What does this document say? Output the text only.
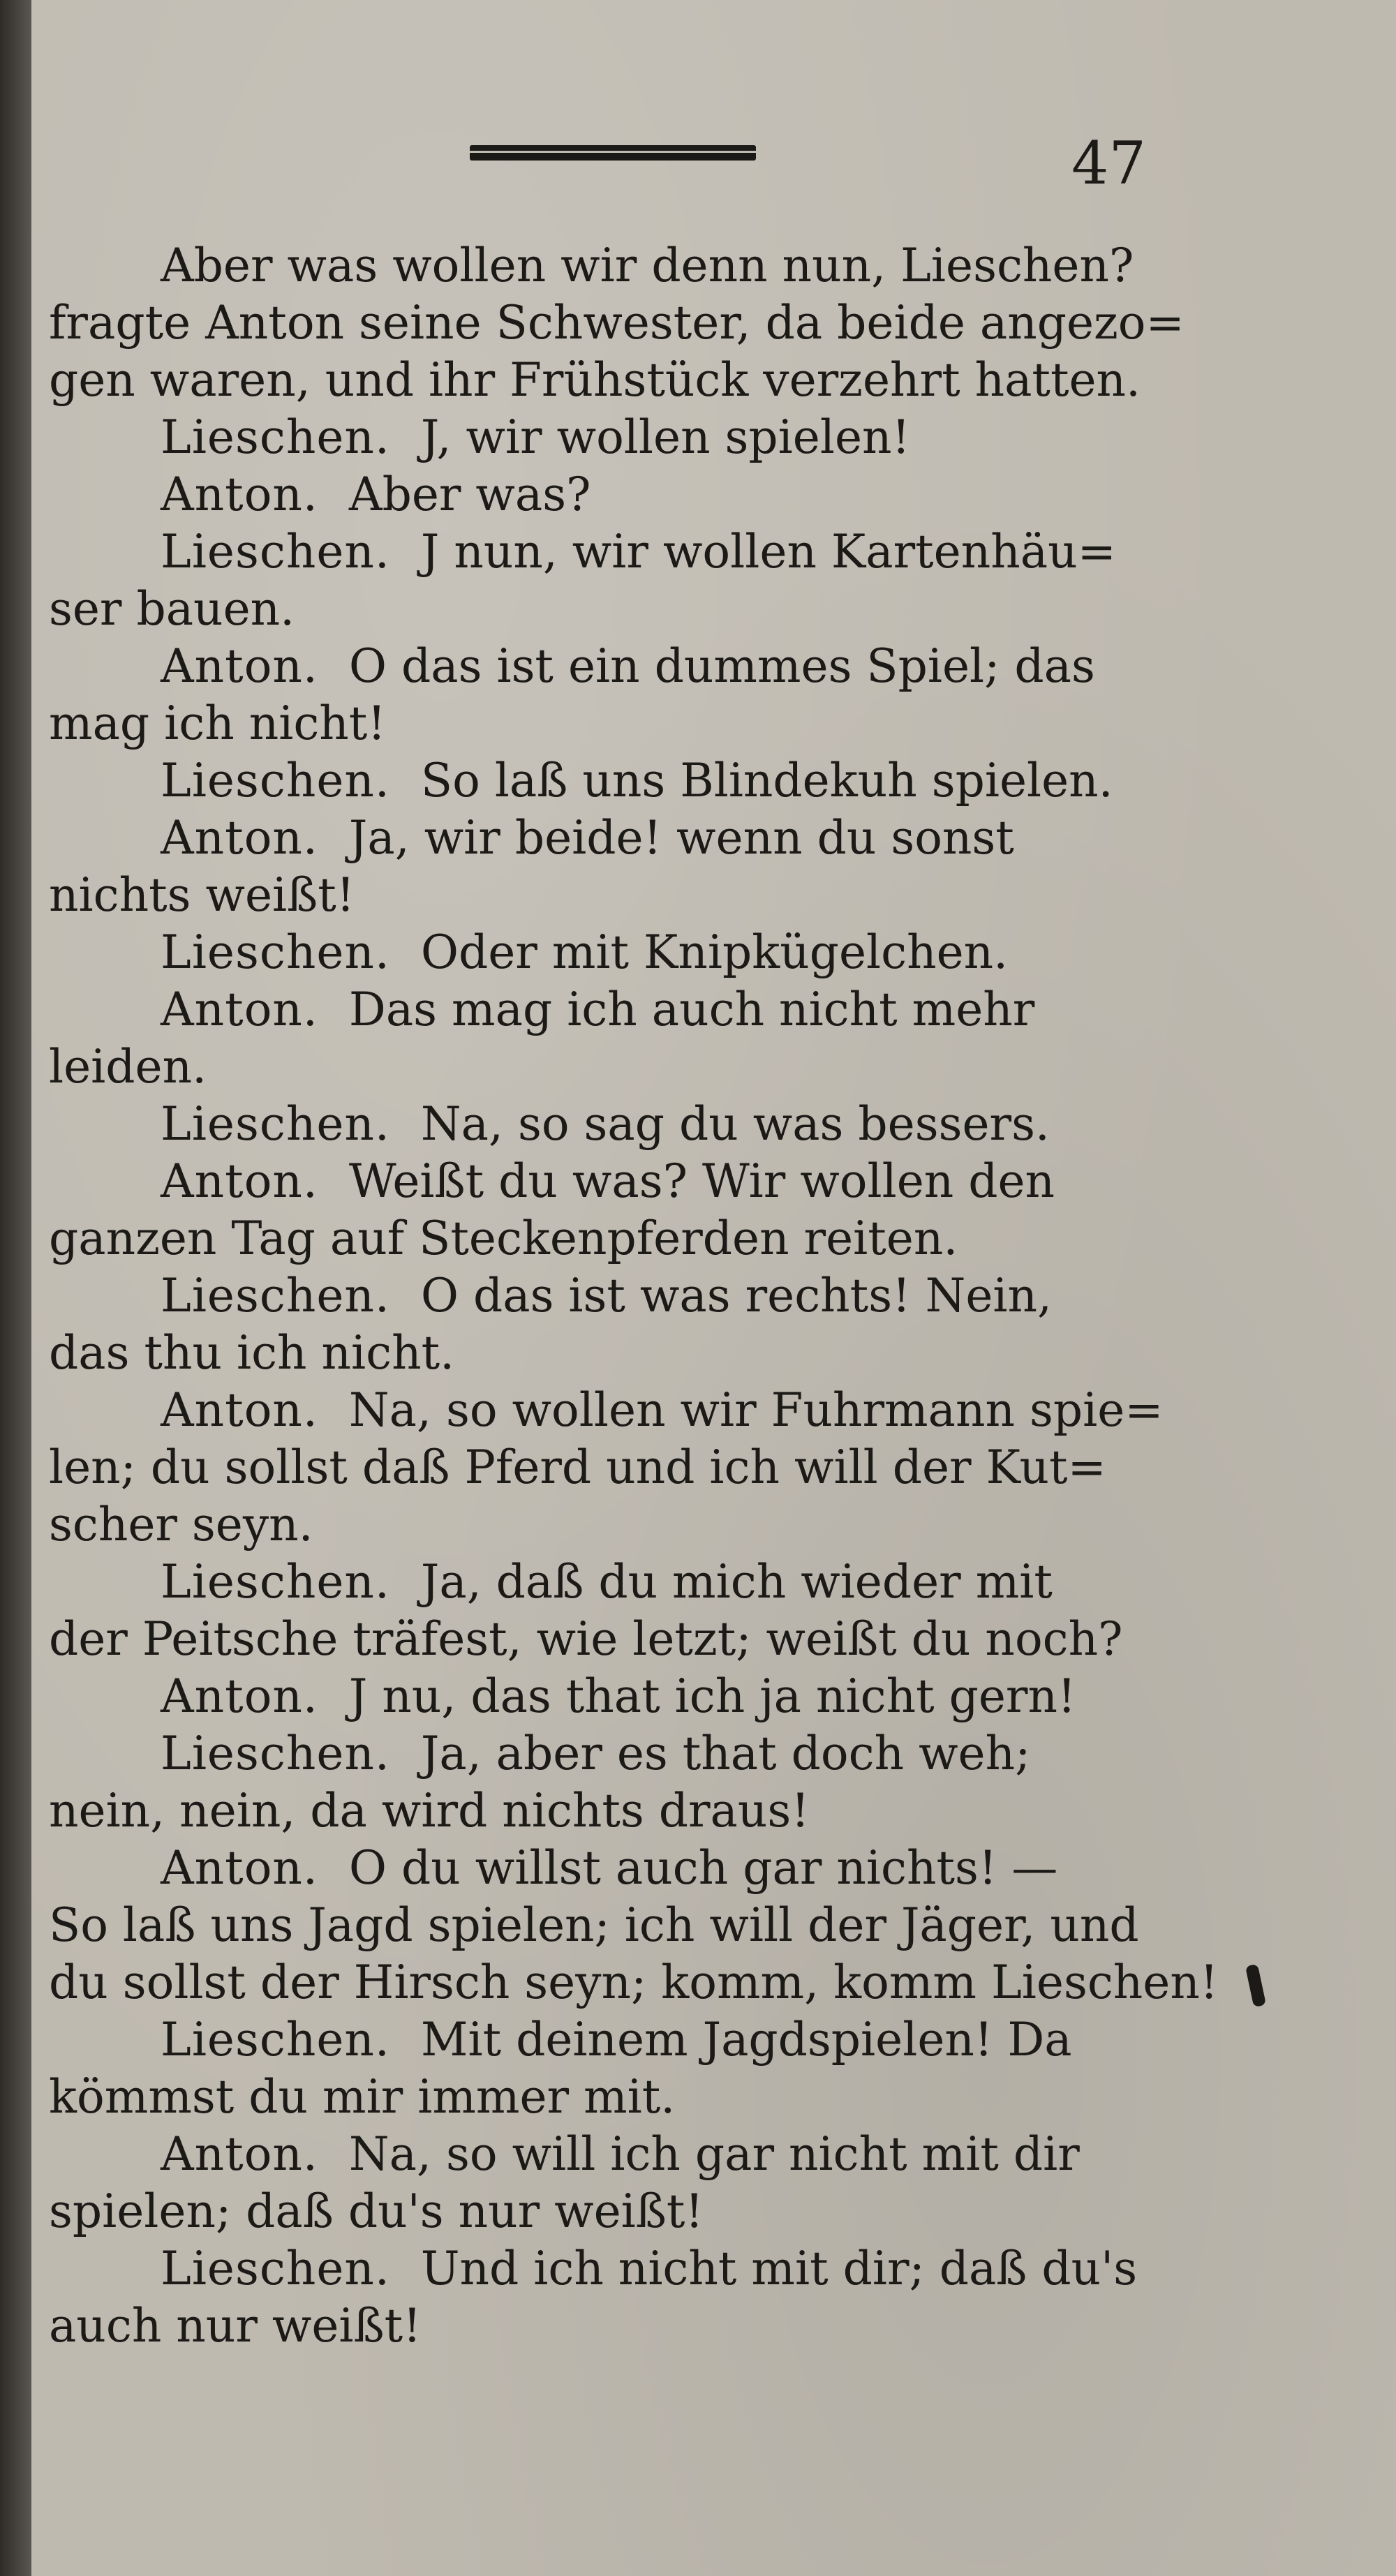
47
Aber was wollen wir denn nun, Lieschen?
fragte Anton seine Schwester, da beide angezo=
gen waren, und ihr Frühstück verzehrt hatten.
Lieschen. J, wir wollen spielen!
Anton. Aber was?
Lieschen. J nun, wir wollen Kartenhäu=
ser bauen.
Anton. O das ist ein dummes Spiel; das
mag ich nicht!
Lieschen. So laß uns Blindekuh spielen.
Anton. Ja, wir beide! wenn du sonst
nichts weißt!
Lieschen. Oder mit Knipkügelchen.
Anton. Das mag ich auch nicht mehr
leiden.
Lieschen. Na, so sag du was bessers.
Anton. Weißt du was? Wir wollen den
ganzen Tag auf Steckenpferden reiten.
Lieschen. O das ist was rechts! Nein,
das thu ich nicht.
Anton. Na, so wollen wir Fuhrmann spie=
len; du sollst daß Pferd und ich will der Kut=
scher seyn.
Lieschen. Ja, daß du mich wieder mit
der Peitsche träfest, wie letzt; weißt du noch?
Anton. J nu, das that ich ja nicht gern!
Lieschen. Ja, aber es that doch weh;
nein, nein, da wird nichts draus!
Anton. O du willst auch gar nichts! —
So laß uns Jagd spielen; ich will der Jäger, und
du sollst der Hirsch seyn; komm, komm Lieschen!
Lieschen. Mit deinem Jagdspielen! Da
kömmst du mir immer mit.
Anton. Na, so will ich gar nicht mit dir
spielen; daß du's nur weißt!
Lieschen. Und ich nicht mit dir; daß du's
auch nur weißt!
